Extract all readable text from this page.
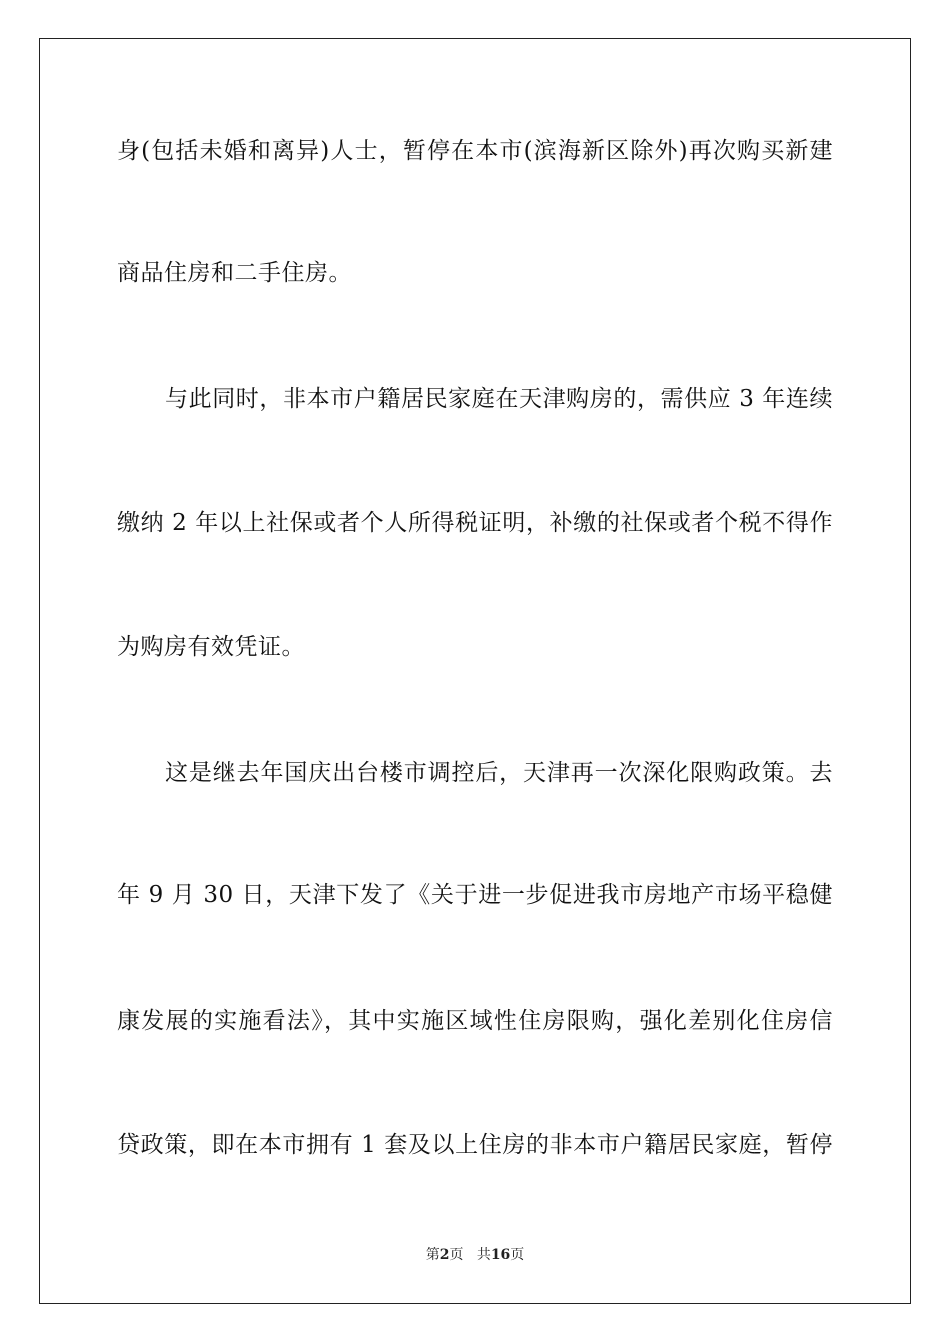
身(包括未婚和离异)人士，暂停在本市(滨海新区除外)再次购买新建
商品住房和二手住房。
与此同时，非本市户籍居民家庭在天津购房的，需供应 3 年连续
缴纳 2 年以上社保或者个人所得税证明，补缴的社保或者个税不得作
为购房有效凭证。
这是继去年国庆出台楼市调控后，天津再一次深化限购政策。去
年 9 月 30 日，天津下发了《关于进一步促进我市房地产市场平稳健
康发展的实施看法》，其中实施区域性住房限购，强化差别化住房信
贷政策，即在本市拥有 1 套及以上住房的非本市户籍居民家庭，暂停
第2页 共16页
